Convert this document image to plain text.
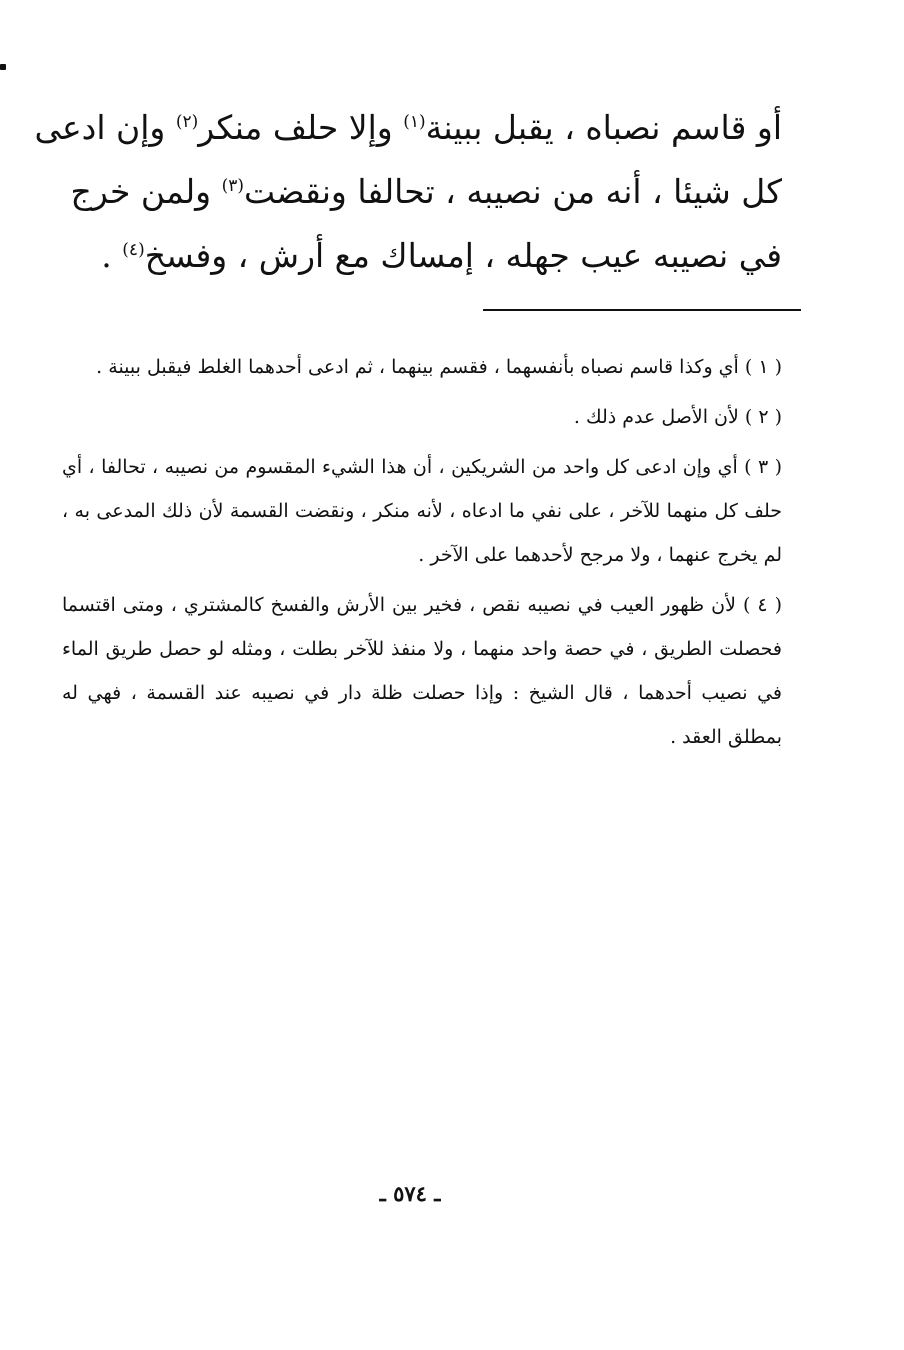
أو قاسم نصباه ، يقبل ببينة$^{(١)}$ وإلا حلف منكر$^{(٢)}$ وإن ادعى
كل شيئا ، أنه من نصيبه ، تحالفا ونقضت$^{(٣)}$ ولمن خرج
في نصيبه عيب جهله ، إمساك مع أرش ، وفسخ$^{(٤)}$ .
( ١ ) أي وكذا قاسم نصباه بأنفسهما ، فقسم بينهما ، ثم ادعى أحدهما الغلط فيقبل ببينة .
( ٢ ) لأن الأصل عدم ذلك .
( ٣ ) أي وإن ادعى كل واحد من الشريكين ، أن هذا الشيء المقسوم من نصيبه ، تحالفا ، أي حلف كل منهما للآخر ، على نفي ما ادعاه ، لأنه منكر ، ونقضت القسمة لأن ذلك المدعى به ، لم يخرج عنهما ، ولا مرجح لأحدهما على الآخر .
( ٤ ) لأن ظهور العيب في نصيبه نقص ، فخير بين الأرش والفسخ كالمشتري ، ومتى اقتسما فحصلت الطريق ، في حصة واحد منهما ، ولا منفذ للآخر بطلت ، ومثله لو حصل طريق الماء في نصيب أحدهما ، قال الشيخ : وإذا حصلت ظلة دار في نصيبه عند القسمة ، فهي له بمطلق العقد .
ـ ٥٧٤ ـ
